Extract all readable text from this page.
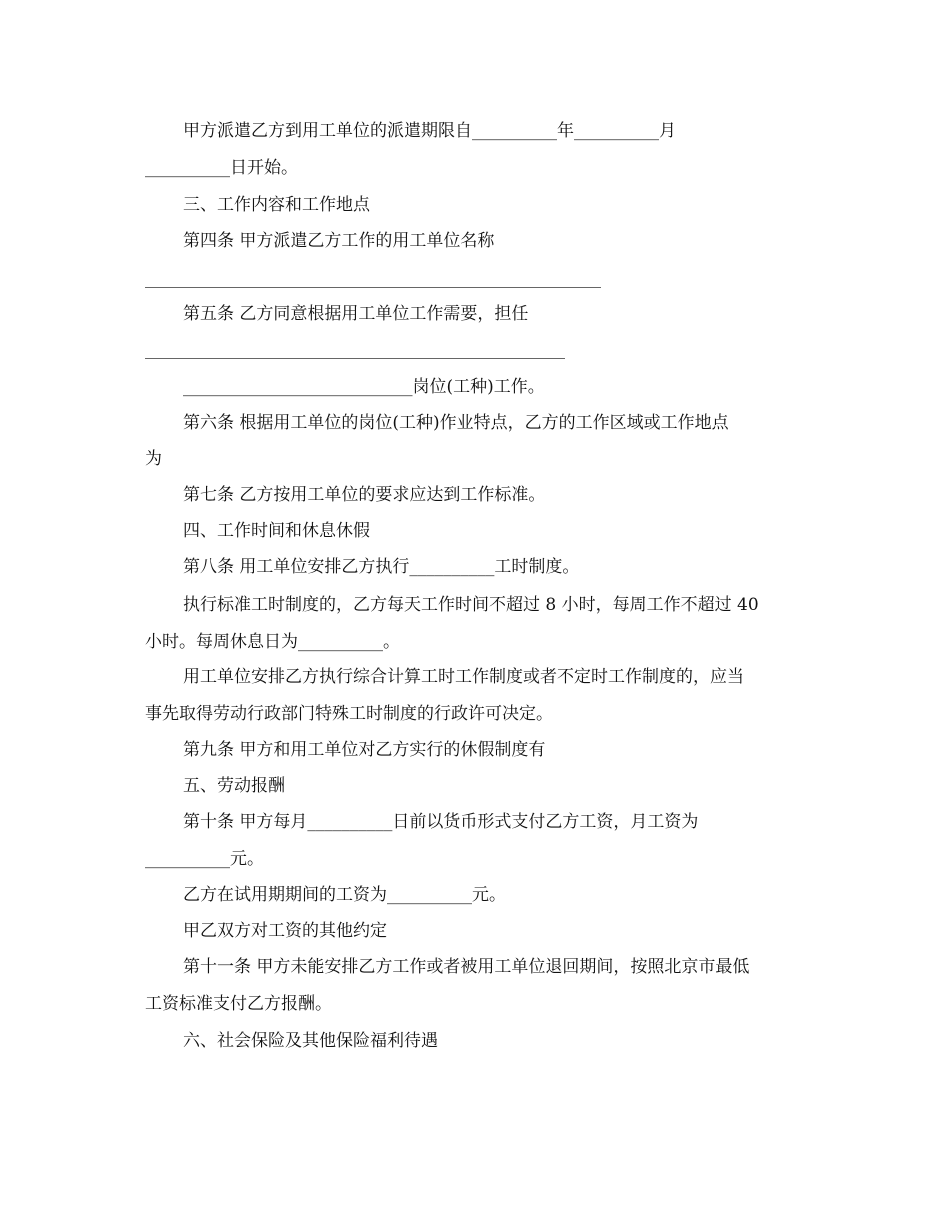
甲方派遣乙方到用工单位的派遣期限自__________年__________月
__________日开始。
三、工作内容和工作地点
第四条 甲方派遣乙方工作的用工单位名称
第五条 乙方同意根据用工单位工作需要，担任
___________________________岗位(工种)工作。
第六条 根据用工单位的岗位(工种)作业特点，乙方的工作区域或工作地点
为
第七条 乙方按用工单位的要求应达到工作标准。
四、工作时间和休息休假
第八条 用工单位安排乙方执行__________工时制度。
执行标准工时制度的，乙方每天工作时间不超过 8 小时，每周工作不超过 40
小时。每周休息日为__________。
用工单位安排乙方执行综合计算工时工作制度或者不定时工作制度的，应当
事先取得劳动行政部门特殊工时制度的行政许可决定。
第九条 甲方和用工单位对乙方实行的休假制度有
五、劳动报酬
第十条 甲方每月__________日前以货币形式支付乙方工资，月工资为
__________元。
乙方在试用期期间的工资为__________元。
甲乙双方对工资的其他约定
第十一条 甲方未能安排乙方工作或者被用工单位退回期间，按照北京市最低
工资标准支付乙方报酬。
六、社会保险及其他保险福利待遇
